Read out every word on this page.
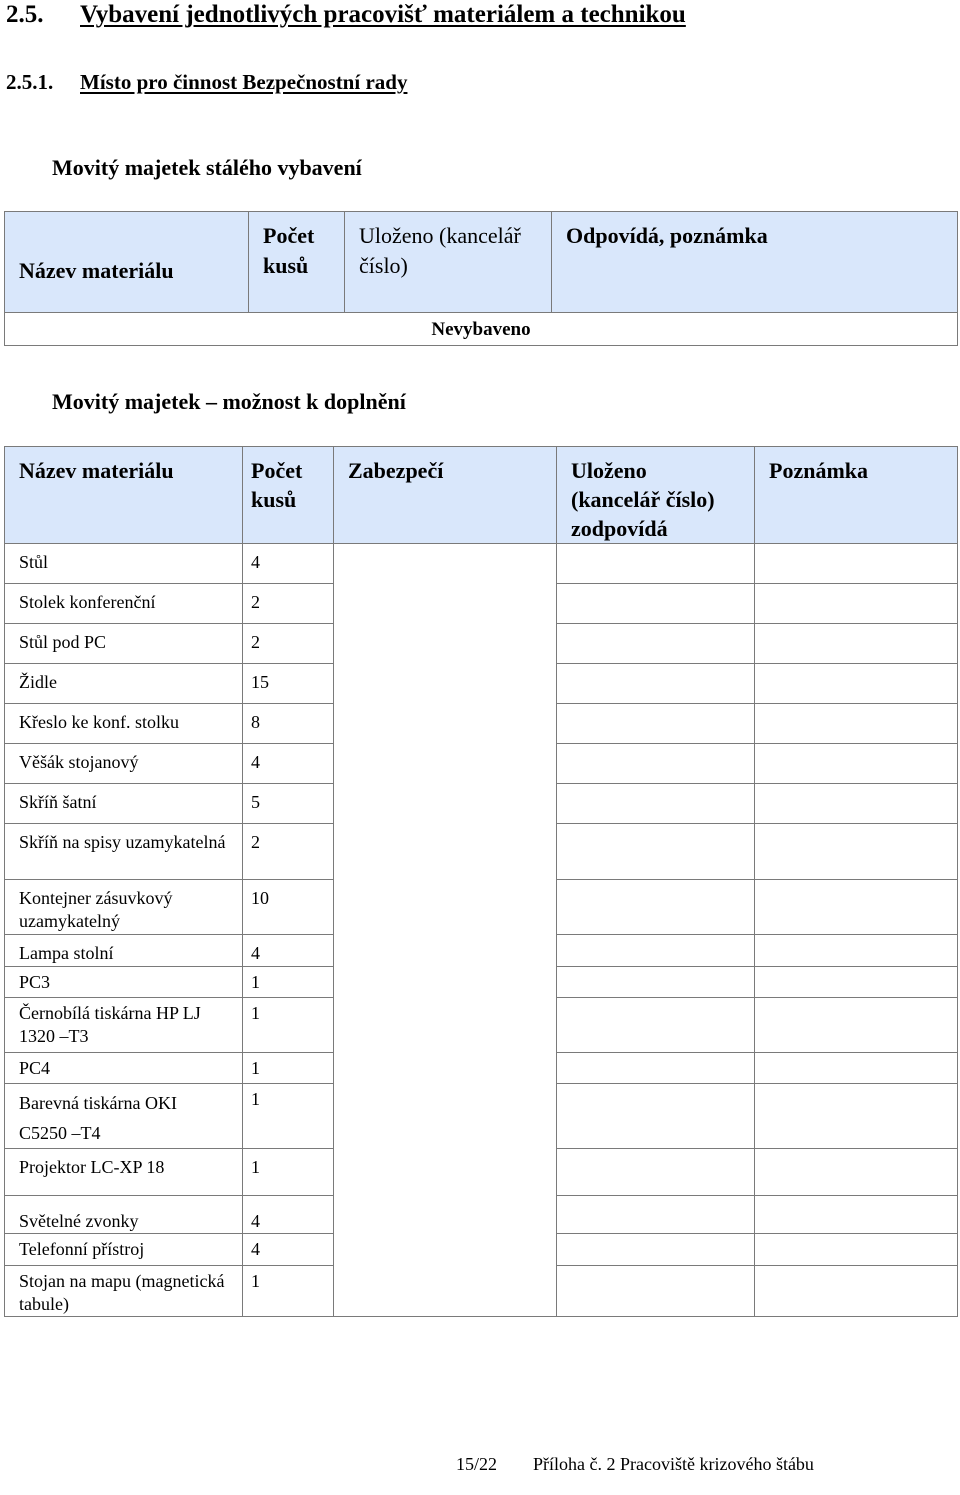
2.5. Vybavení jednotlivých pracovišť materiálem a technikou
2.5.1. Místo pro činnost Bezpečnostní rady
Movitý majetek stálého vybavení
Název materiálu	Počet kusů	Uloženo (kancelář číslo)	Odpovídá, poznámka
Nevybaveno
Movitý majetek – možnost k doplnění
Název materiálu	Počet kusů	Zabezpečí	Uloženo (kancelář číslo) zodpovídá	Poznámka
Stůl	4			
Stolek konferenční	2			
Stůl pod PC	2			
Židle	15			
Křeslo ke konf. stolku	8			
Věšák stojanový	4			
Skříň šatní	5			
Skříň na spisy uzamykatelná	2			
Kontejner zásuvkový uzamykatelný	10			
Lampa stolní	4			
PC3	1			
Černobílá tiskárna HP LJ 1320 –T3	1			
PC4	1			
Barevná tiskárna OKI C5250 –T4	1			
Projektor LC-XP 18	1			
Světelné zvonky	4			
Telefonní přístroj	4			
Stojan na mapu (magnetická tabule)	1			
15/22 Příloha č. 2 Pracoviště krizového štábu
